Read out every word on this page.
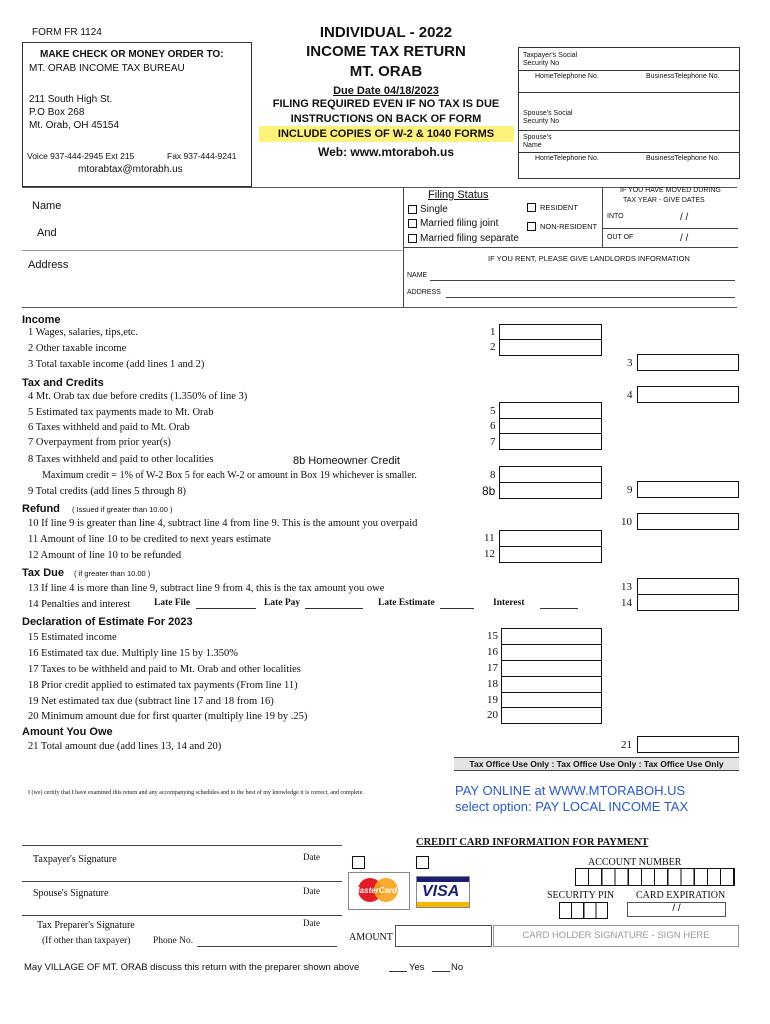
FORM FR 1124
MAKE CHECK OR MONEY ORDER TO:
MT. ORAB INCOME TAX BUREAU
211 South High St.
P.O Box 268
Mt. Orab, OH 45154
Voice 937-444-2945 Ext 215	Fax 937-444-9241
mtorabtax@mtorabh.us
INDIVIDUAL - 2022
INCOME TAX RETURN
MT. ORAB
Due Date 04/18/2023
FILING REQUIRED EVEN IF NO TAX IS DUE
INSTRUCTIONS ON BACK OF FORM
INCLUDE COPIES OF W-2 & 1040 FORMS
Web: www.mtoraboh.us
Taxpayer's Social
Security No
HomeTelephone No.	BusinessTelephone No.
Spouse's Social
Security No
Spouse's
Name
HomeTelephone No.	BusinessTelephone No.
Name
And
Address
Filing Status
Single
Married filing joint
Married filing separate
RESIDENT
NON-RESIDENT
IF YOU HAVE MOVED DURING
TAX YEAR - GIVE DATES
INTO	/ /
OUT OF	/ /
IF YOU RENT, PLEASE GIVE LANDLORDS INFORMATION
NAME
ADDRESS
Income
1 Wages, salaries, tips,etc.	1
2 Other taxable income	2
3 Total taxable income (add lines 1 and 2)	3
Tax and Credits
4 Mt. Orab tax due before credits (1.350% of line 3)	4
5 Estimated tax payments made to Mt. Orab	5
6 Taxes withheld and paid to Mt. Orab	6
7 Overpayment from prior year(s)	7
8 Taxes withheld and paid to other localities	8b Homeowner Credit
Maximum credit = 1% of W-2 Box 5 for each W-2 or amount in Box 19 whichever is smaller.	8
9 Total credits (add lines 5 through 8)	8b	9
Refund ( Issued if greater than 10.00 )
10 If line 9 is greater than line 4, subtract line 4 from line 9. This is the amount you overpaid	10
11 Amount of line 10 to be credited to next years estimate	11
12 Amount of line 10 to be refunded	12
Tax Due ( if greater than 10.00 )
13 If line 4 is more than line 9, subtract line 9 from 4, this is the tax amount you owe	13
14 Penalties and interest Late File	Late Pay	Late Estimate	Interest	14
Declaration of Estimate For 2023
15 Estimated income	15
16 Estimated tax due. Multiply line 15 by 1.350%	16
17 Taxes to be withheld and paid to Mt. Orab and other localities	17
18 Prior credit applied to estimated tax payments (From line 11)	18
19 Net estimated tax due (subtract line 17 and 18 from 16)	19
20 Minimum amount due for first quarter (multiply line 19 by .25)	20
Amount You Owe
21 Total amount due (add lines 13, 14 and 20)	21
Tax Office Use Only : Tax Office Use Only : Tax Office Use Only
I (we) certify that I have examined this return and any accompanying schedules and to the best of my knowledge it is correct, and complete.	PAY ONLINE at WWW.MTORABOH.US
select option: PAY LOCAL INCOME TAX
Taxpayer's Signature	Date
Spouse's Signature	Date
Tax Preparer's Signature	Date
(If other than taxpayer) Phone No.
CREDIT CARD INFORMATION FOR PAYMENT
MasterCard VISA
ACCOUNT NUMBER
SECURITY PIN CARD EXPIRATION
/ /
AMOUNT	CARD HOLDER SIGNATURE - SIGN HERE
May VILLAGE OF MT. ORAB discuss this return with the preparer shown above	Yes	No
